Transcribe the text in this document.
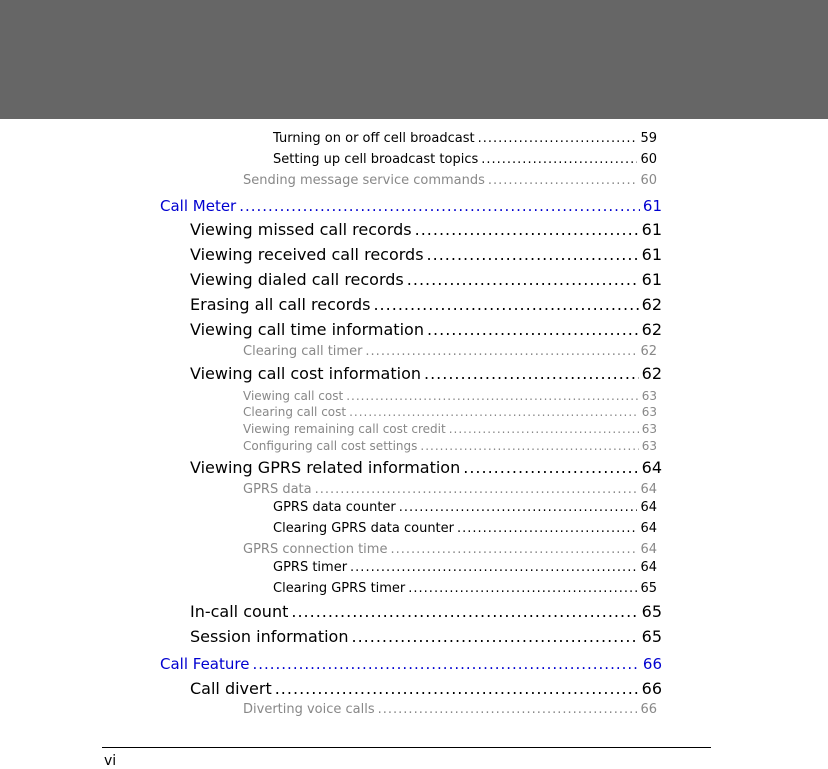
Turning on or off cell broadcast .....	59
Setting up cell broadcast topics .....	60
Sending message service commands .....	60
Call Meter .....	61
Viewing missed call records .....	61
Viewing received call records .....	61
Viewing dialed call records .....	61
Erasing all call records .....	62
Viewing call time information .....	62
Clearing call timer .....	62
Viewing call cost information .....	62
Viewing call cost .....	63
Clearing call cost .....	63
Viewing remaining call cost credit .....	63
Configuring call cost settings .....	63
Viewing GPRS related information .....	64
GPRS data .....	64
GPRS data counter .....	64
Clearing GPRS data counter .....	64
GPRS connection time .....	64
GPRS timer .....	64
Clearing GPRS timer .....	65
In-call count .....	65
Session information .....	65
Call Feature .....	66
Call divert .....	66
Diverting voice calls .....	66
vi
